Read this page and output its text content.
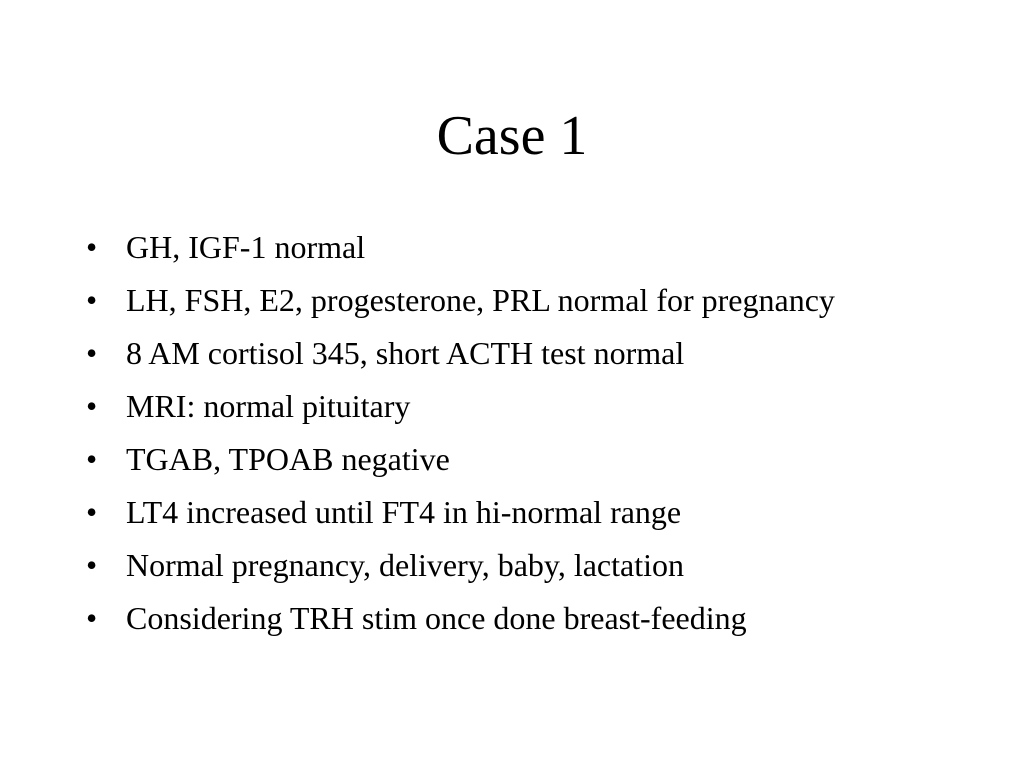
Case 1
• GH, IGF-1 normal
• LH, FSH, E2, progesterone, PRL normal for pregnancy
• 8 AM cortisol 345, short ACTH test normal
• MRI: normal pituitary
• TGAB, TPOAB negative
• LT4 increased until FT4 in hi-normal range
• Normal pregnancy, delivery, baby, lactation
• Considering TRH stim once done breast-feeding
